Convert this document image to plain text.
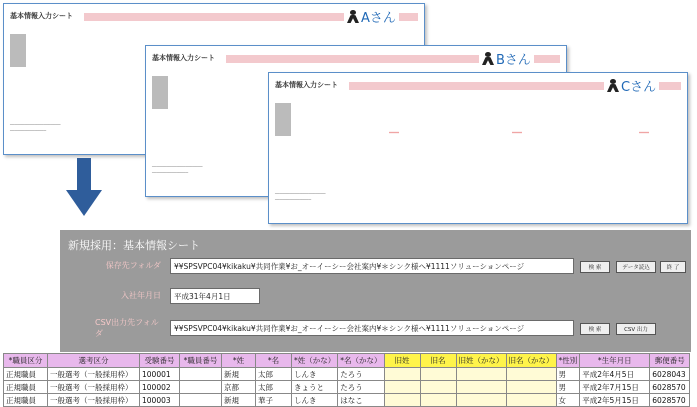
基本情報入力シート	Aさん

─────────────────────
───────────────
基本情報入力シート	Bさん

─────────────────────
───────────────
基本情報入力シート	Cさん

*****	*****	*****
─────────────────────
───────────────
新規採用：基本情報シート
保存先フォルダ	¥¥SPSVPC04¥kikaku¥共同作業¥お_オーイーシー会社案内¥＊シンク様へ¥1111ソリューションページ	検 索	データ読込	終 了
入社年月日	平成31年4月1日
CSV出力先フォルダ
¥¥SPSVPC04¥kikaku¥共同作業¥お_オーイーシー会社案内¥＊シンク様へ¥1111ソリューションページ	検 索	CSV 出力
*職員区分	選考区分	受験番号	*職員番号	*姓	*名	*姓（かな）	*名（かな）	旧姓	旧名	旧姓（かな）	旧名（かな）	*性別	*生年月日	郵便番号
正規職員	一般選考（一般採用枠）	100001		新規	太郎	しんき	たろう					男	平成2年4月5日	6028043
正規職員	一般選考（一般採用枠）	100002		京都	太郎	きょうと	たろう					男	平成2年7月15日	6028570
正規職員	一般選考（一般採用枠）	100003		新規	華子	しんき	はなこ					女	平成2年5月15日	6028570
